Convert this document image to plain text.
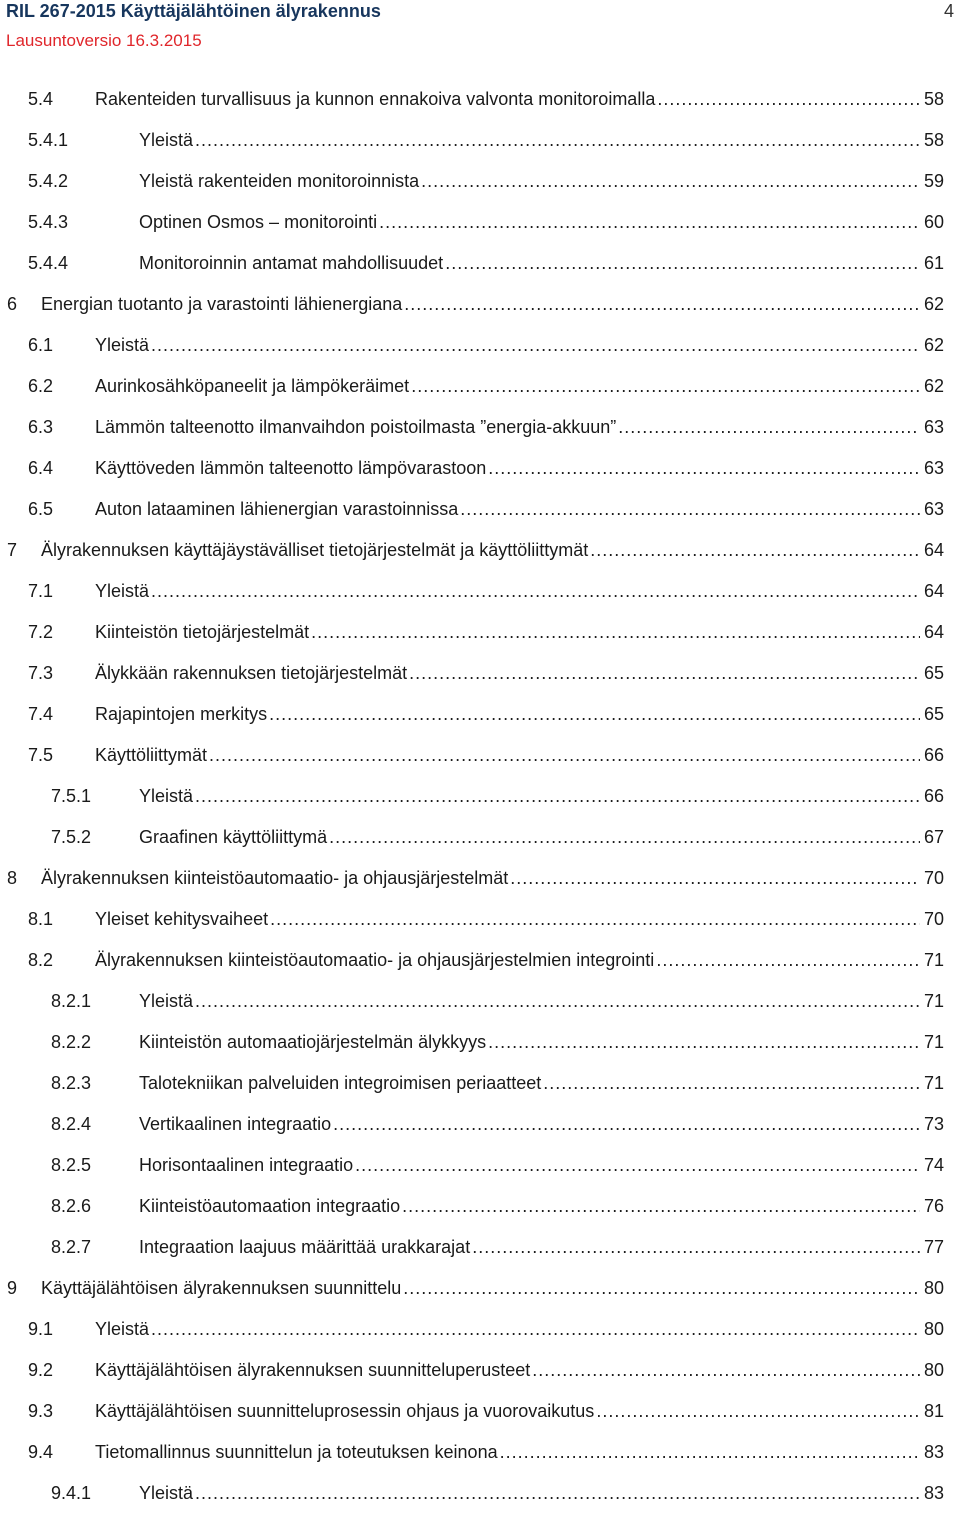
RIL 267-2015 Käyttäjälähtöinen älyrakennus
Lausuntoversio 16.3.2015
4
5.4 Rakenteiden turvallisuus ja kunnon ennakoiva valvonta monitoroimalla .....	58
5.4.1	Yleistä .....	58
5.4.2	Yleistä rakenteiden monitoroinnista .....	59
5.4.3	Optinen Osmos – monitorointi .....	60
5.4.4	Monitoroinnin antamat mahdollisuudet .....	61
6 Energian tuotanto ja varastointi lähienergiana .....	62
6.1 Yleistä .....	62
6.2 Aurinkosähköpaneelit ja lämpökeräimet .....	62
6.3 Lämmön talteenotto ilmanvaihdon poistoilmasta ”energia-akkuun” .....	63
6.4 Käyttöveden lämmön talteenotto lämpövarastoon .....	63
6.5 Auton lataaminen lähienergian varastoinnissa .....	63
7 Älyrakennuksen käyttäjäystävälliset tietojärjestelmät ja käyttöliittymät .....	64
7.1 Yleistä .....	64
7.2 Kiinteistön tietojärjestelmät .....	64
7.3 Älykkään rakennuksen tietojärjestelmät .....	65
7.4 Rajapintojen merkitys .....	65
7.5 Käyttöliittymät .....	66
7.5.1	Yleistä .....	66
7.5.2	Graafinen käyttöliittymä .....	67
8 Älyrakennuksen kiinteistöautomaatio- ja ohjausjärjestelmät .....	70
8.1 Yleiset kehitysvaiheet .....	70
8.2 Älyrakennuksen kiinteistöautomaatio- ja ohjausjärjestelmien integrointi .....	71
8.2.1	Yleistä .....	71
8.2.2	Kiinteistön automaatiojärjestelmän älykkyys .....	71
8.2.3	Talotekniikan palveluiden integroimisen periaatteet .....	71
8.2.4	Vertikaalinen integraatio .....	73
8.2.5	Horisontaalinen integraatio .....	74
8.2.6	Kiinteistöautomaation integraatio .....	76
8.2.7	Integraation laajuus määrittää urakkarajat .....	77
9 Käyttäjälähtöisen älyrakennuksen suunnittelu .....	80
9.1 Yleistä .....	80
9.2 Käyttäjälähtöisen älyrakennuksen suunnitteluperusteet .....	80
9.3 Käyttäjälähtöisen suunnitteluprosessin ohjaus ja vuorovaikutus .....	81
9.4 Tietomallinnus suunnittelun ja toteutuksen keinona .....	83
9.4.1	Yleistä .....	83
